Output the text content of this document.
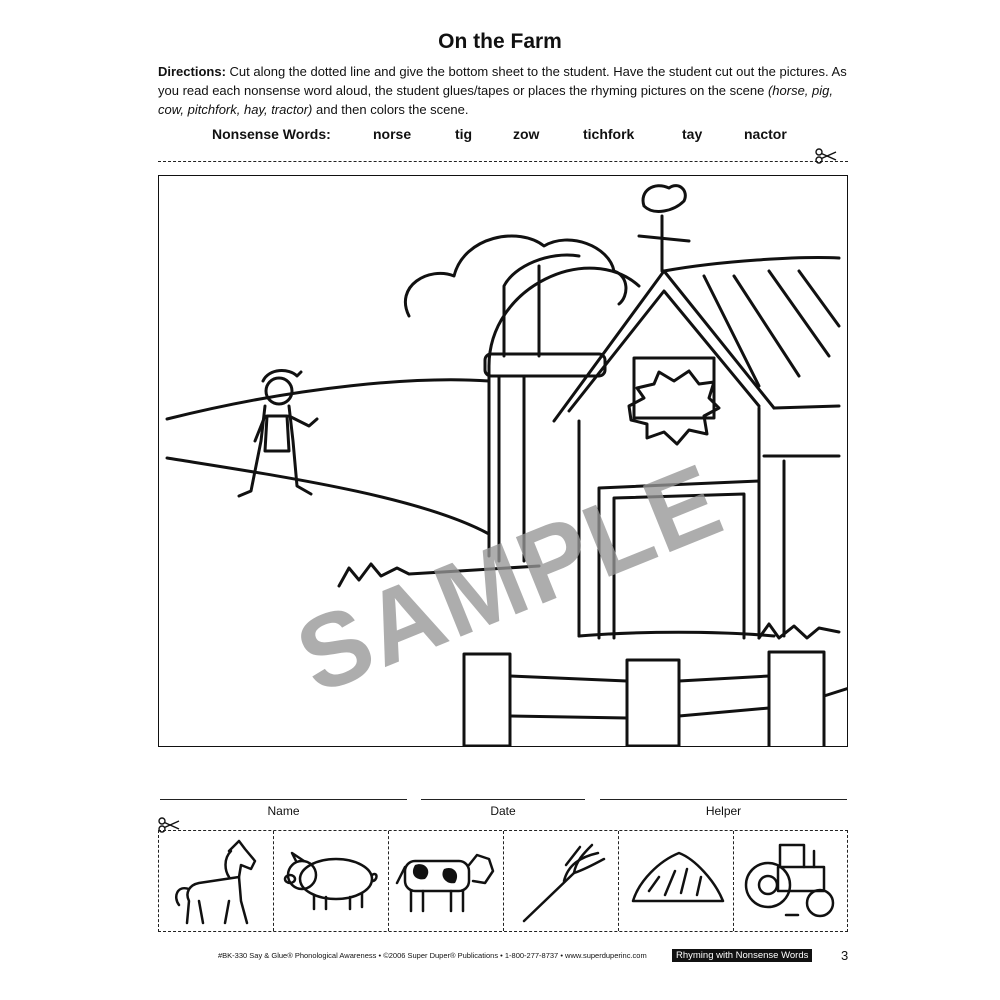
On the Farm
Directions: Cut along the dotted line and give the bottom sheet to the student. Have the student cut out the pictures. As you read each nonsense word aloud, the student glues/tapes or places the rhyming pictures on the scene (horse, pig, cow, pitchfork, hay, tractor) and then colors the scene.
Nonsense Words:	norse	tig	zow	tichfork	tay	nactor
SAMPLE
Name	Date	Helper
#BK-330 Say & Glue® Phonological Awareness • ©2006 Super Duper® Publications • 1-800-277-8737 • www.superduperinc.com	Rhyming with Nonsense Words	3
